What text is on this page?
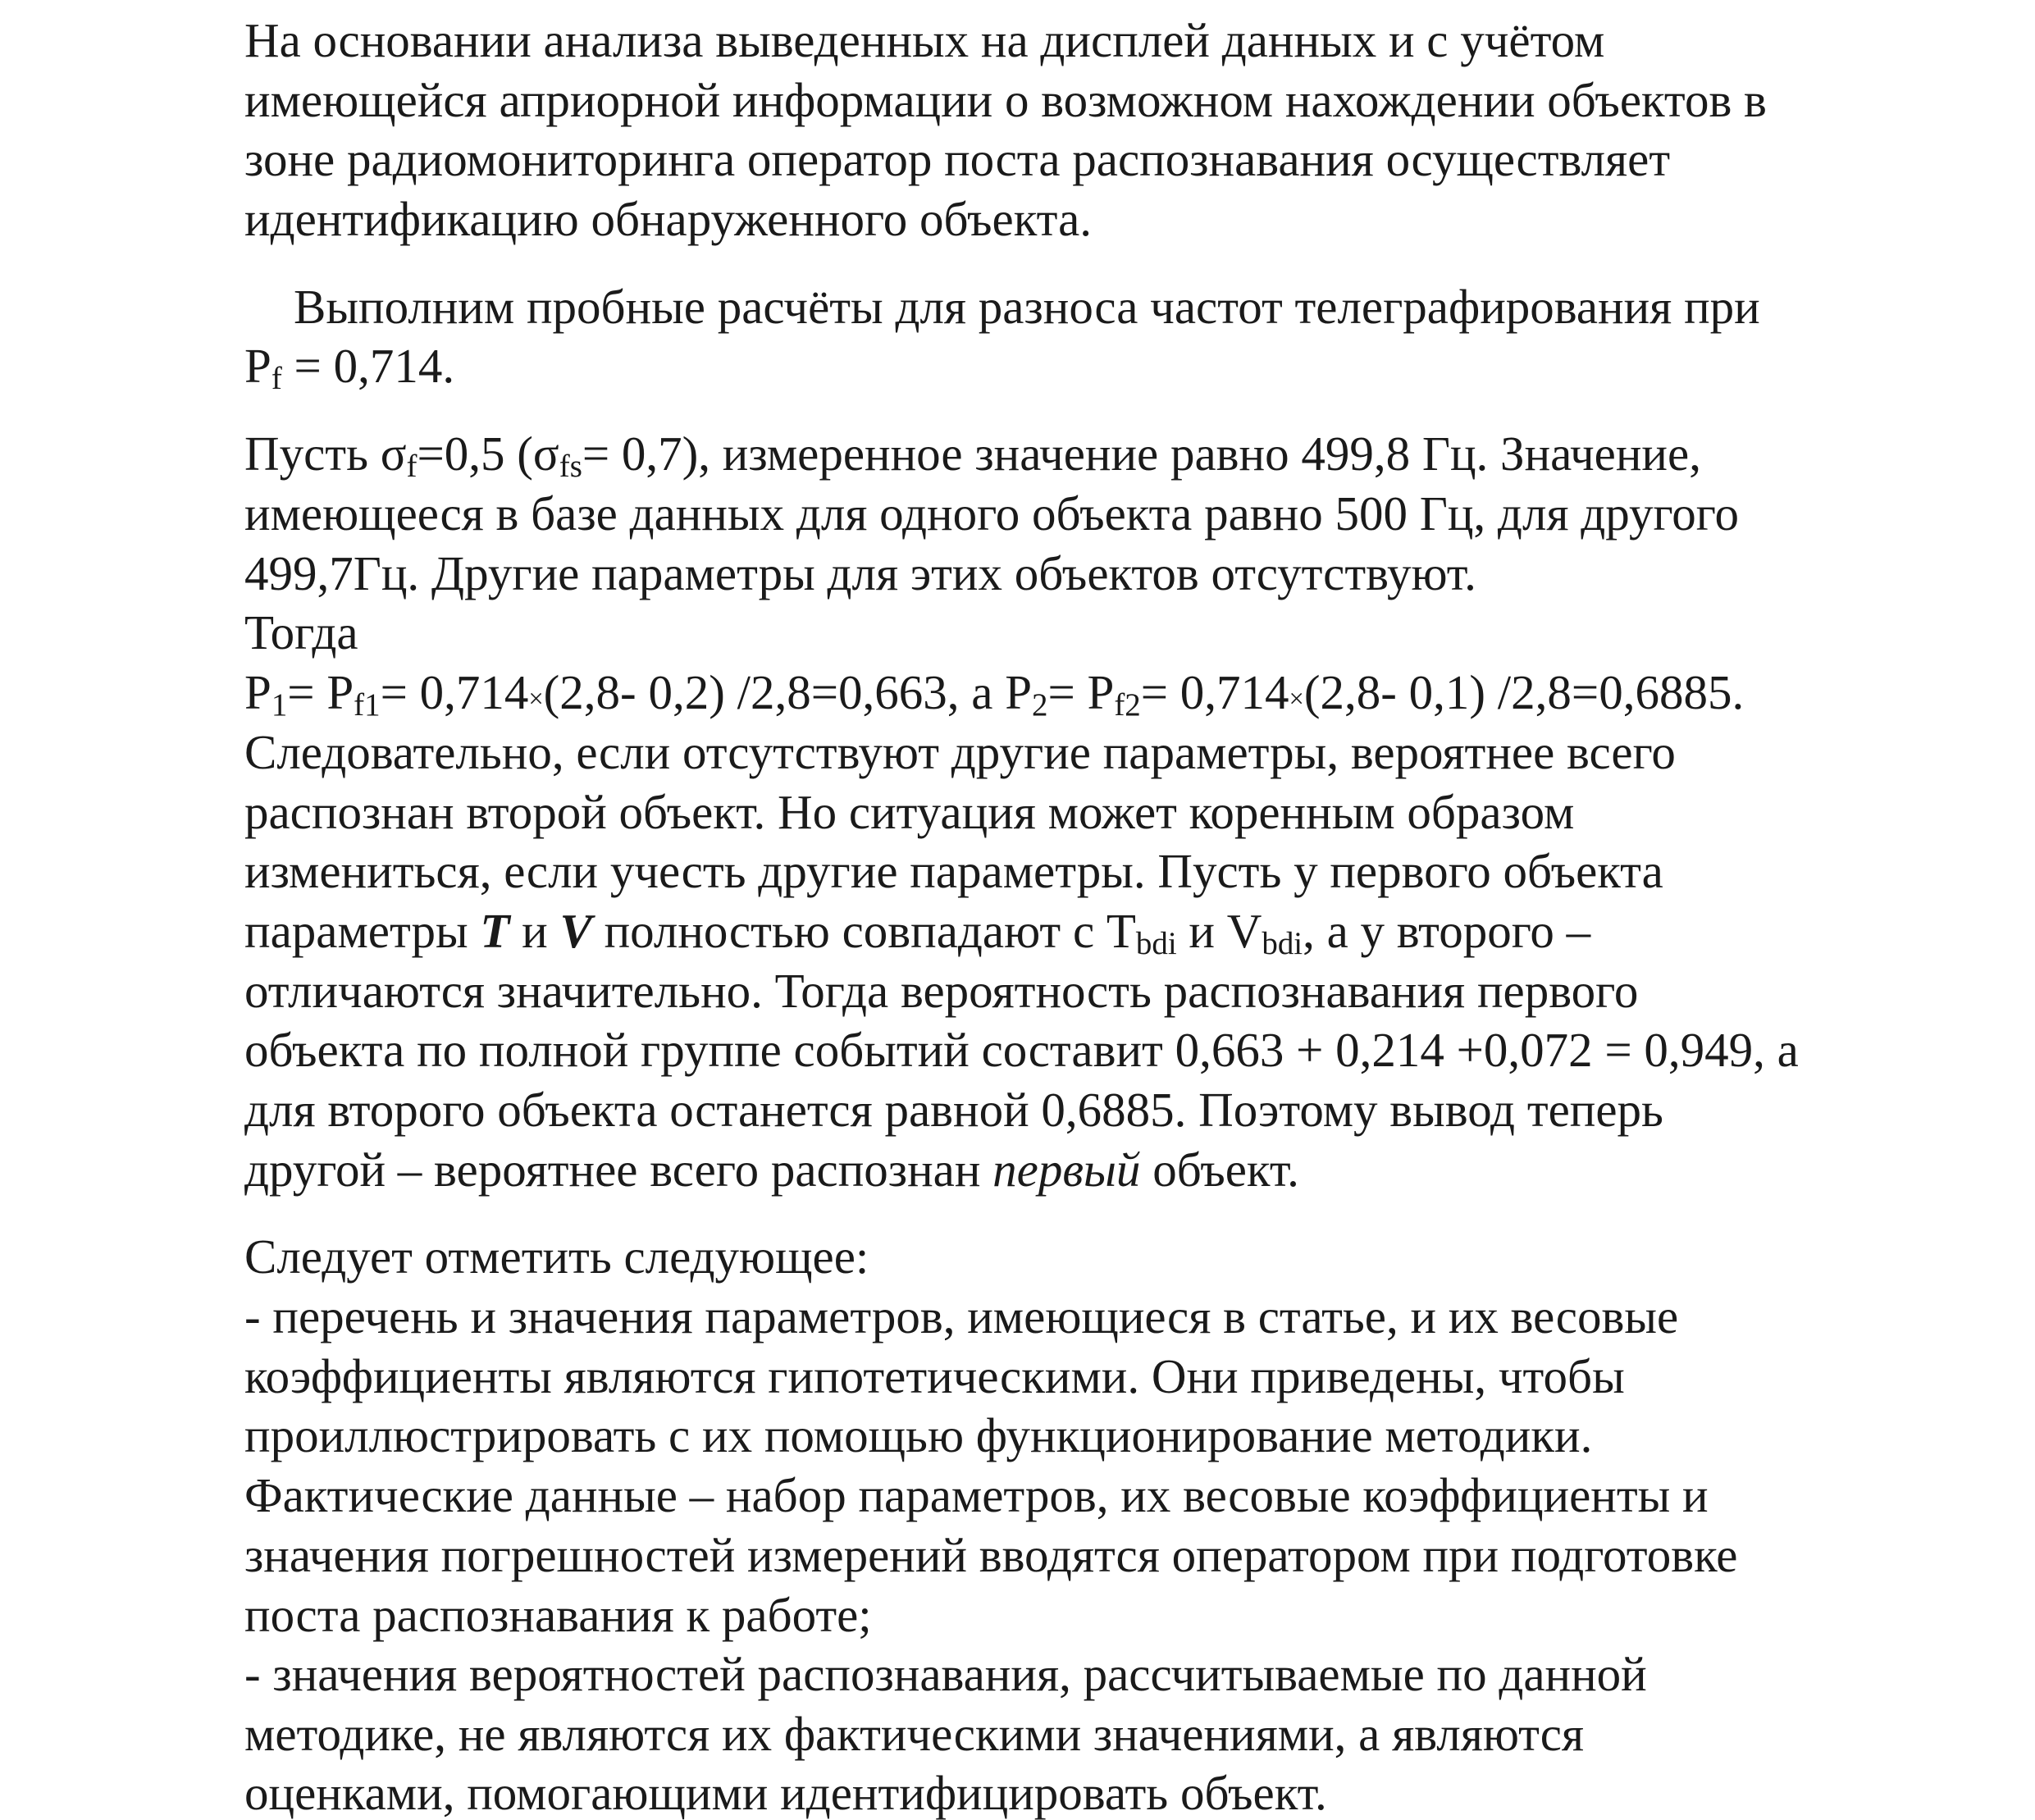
На основании анализа выведенных на дисплей данных и с учётом
имеющейся априорной информации о возможном нахождении объектов в
зоне радиомониторинга оператор поста распознавания осуществляет
идентификацию обнаруженного объекта.
Выполним пробные расчёты для разноса частот телеграфирования при
$P_f = 0,714$.
Пусть $\sigma_f=0,5$ $(\sigma_{fs}= 0,7)$, измеренное значение равно 499,8 Гц. Значение,
имеющееся в базе данных для одного объекта равно 500 Гц, для другого
499,7Гц. Другие параметры для этих объектов отсутствуют.
Тогда
$P_1= P_{f1}= 0,714\times(2,8-$ 0,2) /2,8=0,663, а $P_2= P_{f2}= 0,714\times(2,8-$ 0,1) /2,8=0,6885.
Следовательно, если отсутствуют другие параметры, вероятнее всего
распознан второй объект. Но ситуация может коренным образом
измениться, если учесть другие параметры. Пусть у первого объекта
параметры T и V полностью совпадают с $T_{bdi}$ и $V_{bdi}$, а у второго –
отличаются значительно. Тогда вероятность распознавания первого
объекта по полной группе событий составит 0,663 + 0,214 +0,072 = 0,949, а
для второго объекта останется равной 0,6885. Поэтому вывод теперь
другой – вероятнее всего распознан первый объект.
Следует отметить следующее:
- перечень и значения параметров, имеющиеся в статье, и их весовые
коэффициенты являются гипотетическими. Они приведены, чтобы
проиллюстрировать с их помощью функционирование методики.
Фактические данные – набор параметров, их весовые коэффициенты и
значения погрешностей измерений вводятся оператором при подготовке
поста распознавания к работе;
- значения вероятностей распознавания, рассчитываемые по данной
методике, не являются их фактическими значениями, а являются
оценками, помогающими идентифицировать объект.
